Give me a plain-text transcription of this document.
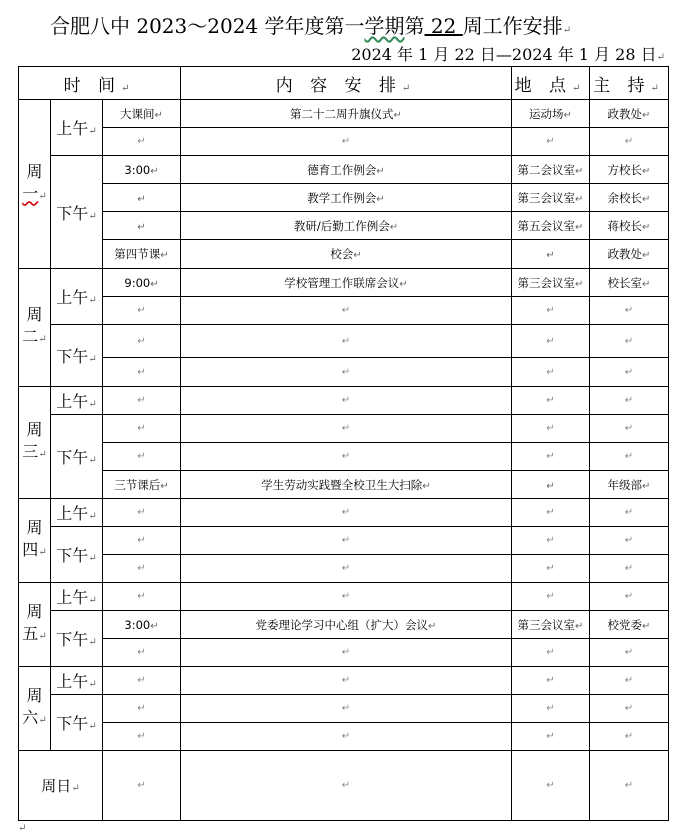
合肥八中 2023～2024 学年度第一学期第 22 周工作安排↵
2024 年 1 月 22 日—2024 年 1 月 28 日↵
时 间↵			内 容 安 排↵	地 点↵	主 持↵
周
一↵	上午↵	大课间↵	第二十二周升旗仪式↵	运动场↵	政教处↵
		↵	↵	↵	↵
	下午↵	3:00↵	德育工作例会↵	第二会议室↵	方校长↵
		↵	教学工作例会↵	第三会议室↵	余校长↵
		↵	教研/后勤工作例会↵	第五会议室↵	蒋校长↵
		第四节课↵	校会↵	↵	政教处↵
周
二↵	上午↵	9:00↵	学校管理工作联席会议↵	第三会议室↵	校长室↵
		↵	↵	↵	↵
	下午↵	↵	↵	↵	↵
		↵	↵	↵	↵
周
三↵	上午↵	↵	↵	↵	↵
	下午↵	↵	↵	↵	↵
		↵	↵	↵	↵
		三节课后↵	学生劳动实践暨全校卫生大扫除↵	↵	年级部↵
周
四↵	上午↵	↵	↵	↵	↵
	下午↵	↵	↵	↵	↵
		↵	↵	↵	↵
周
五↵	上午↵	↵	↵	↵	↵
	下午↵	3:00↵	党委理论学习中心组（扩大）会议↵	第三会议室↵	校党委↵
		↵	↵	↵	↵
周
六↵	上午↵	↵	↵	↵	↵
	下午↵	↵	↵	↵	↵
		↵	↵	↵	↵
周日↵		↵	↵	↵	↵
↵
